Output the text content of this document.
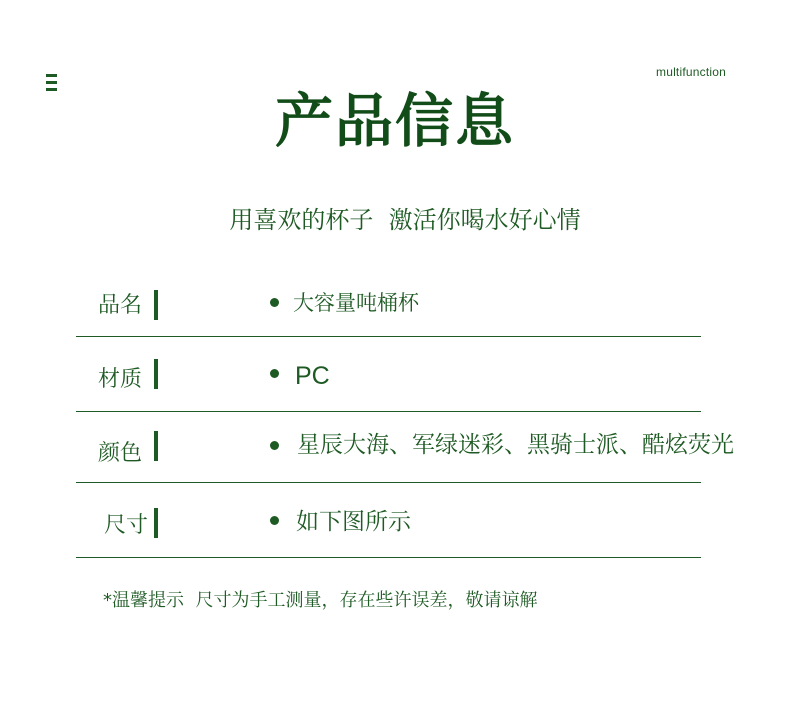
multifunction
产品信息
用喜欢的杯子  激活你喝水好心情
品名	大容量吨桶杯
材质	PC
颜色	星辰大海、军绿迷彩、黑骑士派、酷炫荧光
尺寸	如下图所示
*温馨提示  尺寸为手工测量，存在些许误差，敬请谅解
